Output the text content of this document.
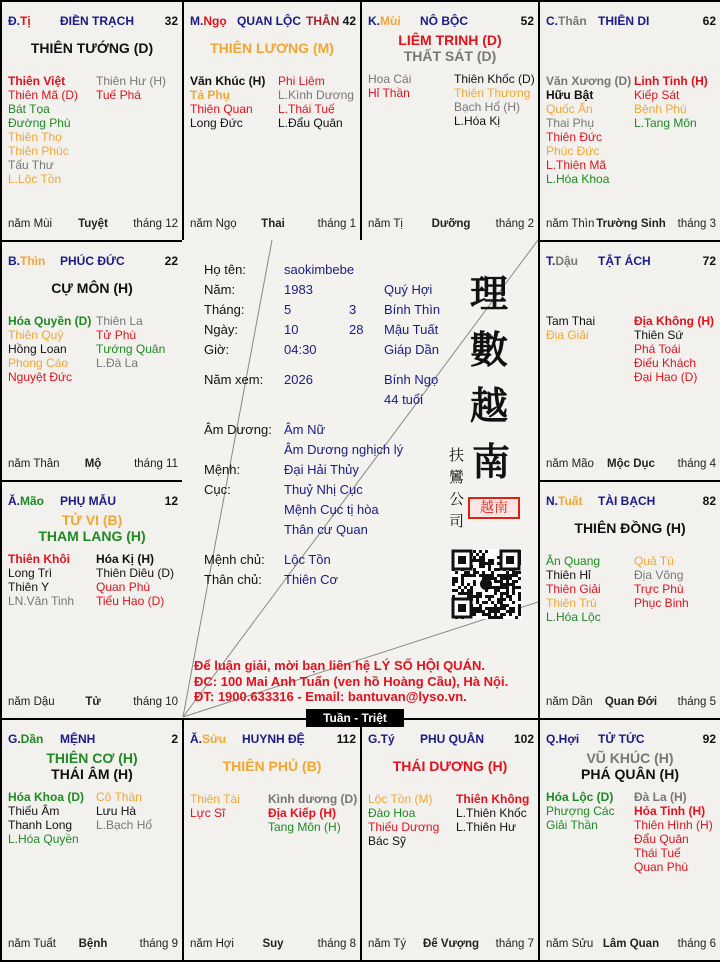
Đ.Tị ĐIỀN TRẠCH	32
THIÊN TƯỚNG (D)
Thiên Việt
Thiên Mã (D)
Bát Tọa
Đường Phù
Thiên Thọ
Thiên Phúc
Tấu Thư
L.Lộc Tồn
Thiên Hư (H)
Tuế Phá
năm Mùi	Tuyệt	tháng 12
M.Ngọ QUAN LỘC THÂN 42
THIÊN LƯƠNG (M)
Văn Khúc (H)
Tả Phụ
Thiên Quan
Long Đức
Phi Liêm
L.Kình Dương
L.Thái Tuế
L.Đẩu Quân
năm Ngọ	Thai	tháng 1
K.Mùi NÔ BỘC	52
LIÊM TRINH (D)
THẤT SÁT (D)
Hoa Cái
Hỉ Thần
Thiên Khốc (D)
Thiên Thương
Bạch Hổ (H)
L.Hóa Kị
năm Tị	Dưỡng	tháng 2
C.Thân THIÊN DI	62
Văn Xương (D)
Hữu Bật
Quốc Ấn
Thai Phụ
Thiên Đức
Phúc Đức
L.Thiên Mã
L.Hóa Khoa
Linh Tinh (H)
Kiếp Sát
Bệnh Phù
L.Tang Môn
năm Thìn Trường Sinh	tháng 3
B.Thìn PHÚC ĐỨC	22
CỰ MÔN (H)
Hóa Quyền (D)
Thiên Quý
Hồng Loan
Phong Cáo
Nguyệt Đức
Thiên La
Tử Phù
Tướng Quân
L.Đà La
năm Thân	Mộ	tháng 11
T.Dậu TẬT ÁCH	72
Tam Thai
Địa Giải
Địa Không (H)
Thiên Sứ
Phá Toái
Điếu Khách
Đại Hao (D)
năm Mão	Mộc Dục	tháng 4
Ă.Mão PHỤ MẪU	12
TỬ VI (B)
THAM LANG (H)
Thiên Khôi
Long Trì
Thiên Y
LN.Văn Tinh
Hóa Kị (H)
Thiên Diêu (D)
Quan Phù
Tiểu Hao (D)
năm Dậu	Tử	tháng 10
N.Tuất TÀI BẠCH	82
THIÊN ĐỒNG (H)
Ân Quang
Thiên Hỉ
Thiên Giải
Thiên Trù
L.Hóa Lộc
Quả Tú
Địa Võng
Trực Phù
Phục Binh
năm Dần	Quan Đới	tháng 5
G.Dần MỆNH	2
THIÊN CƠ (H)
THÁI ÂM (H)
Hóa Khoa (D)
Thiếu Âm
Thanh Long
L.Hóa Quyền
Cô Thần
Lưu Hà
L.Bạch Hổ
năm Tuất	Bệnh	tháng 9
Ă.Sửu HUYNH ĐỆ	112
THIÊN PHỦ (B)
Thiên Tài
Lực Sĩ
Kình dương (D)
Địa Kiếp (H)
Tang Môn (H)
năm Hợi	Suy	tháng 8
G.Tý PHU QUÂN 102
THÁI DƯƠNG (H)
Lộc Tồn (M)
Đào Hoa
Thiếu Dương
Bác Sỹ
Thiên Không
L.Thiên Khốc
L.Thiên Hư
năm Tý	Đế Vượng	tháng 7
Q.Hợi TỬ TỨC	92
VŨ KHÚC (H)
PHÁ QUÂN (H)
Hóa Lộc (D)
Phượng Các
Giải Thần
Đà La (H)
Hỏa Tinh (H)
Thiên Hình (H)
Đẩu Quân
Thái Tuế
Quan Phù
năm Sửu Lâm Quan	tháng 6
Họ tên:	saokimbebe
Năm:	1983	Quý Hợi
Tháng:	5	3 Bính Thìn
Ngày:	10	28 Mậu Tuất
Giờ:	04:30	Giáp Dần
Năm xem: 2026	Bính Ngọ
44 tuổi
Âm Dương: Âm Nữ
Âm Dương nghịch lý
Mệnh:	Đại Hải Thủy
Cục:	Thuỷ Nhị Cục
Mệnh Cục tị hòa
Thân cư Quan
Mệnh chủ: Lộc Tồn
Thân chủ: Thiên Cơ
Để luận giải, mời bạn liên hệ LÝ SỐ HỘI QUÁN.
ĐC: 100 Mai Anh Tuấn (ven hồ Hoàng Cầu), Hà Nội.
ĐT: 1900.633316 - Email: bantuvan@lyso.vn.
理
數
越
南
扶
鸞
公
司
越南
Tuần - Triệt
